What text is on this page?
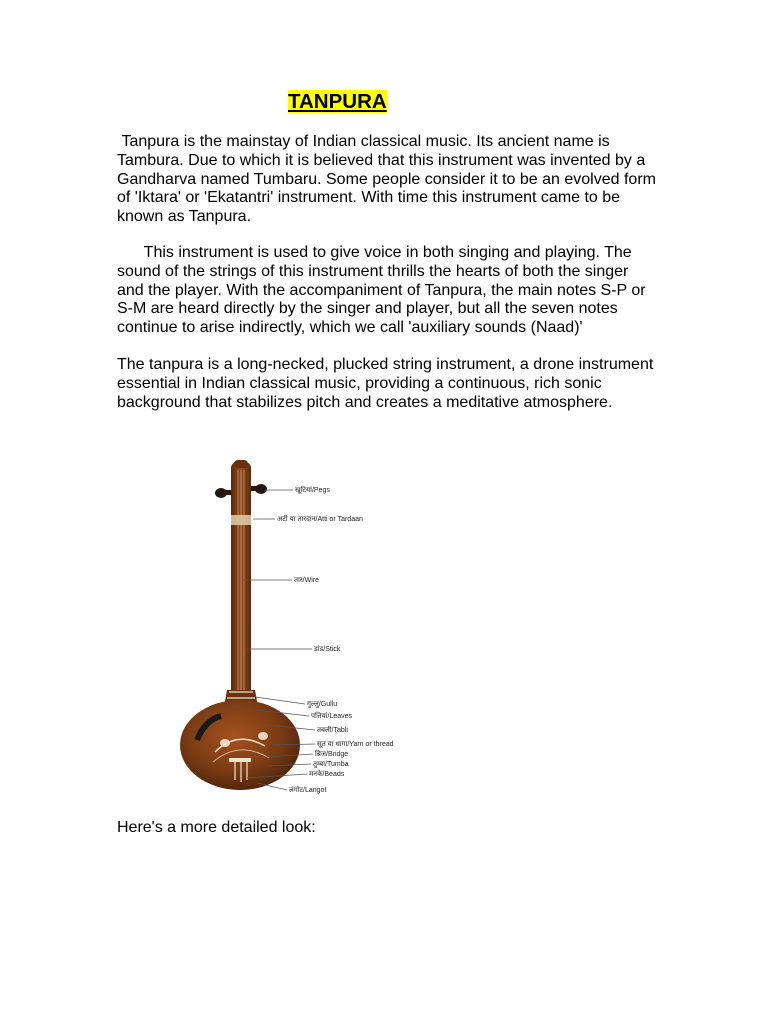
TANPURA

Tanpura is the mainstay of Indian classical music. Its ancient name is Tambura. Due to which it is believed that this instrument was invented by a Gandharva named Tumbaru. Some people consider it to be an evolved form of 'Iktara' or 'Ekatantri' instrument. With time this instrument came to be known as Tanpura.

This instrument is used to give voice in both singing and playing. The sound of the strings of this instrument thrills the hearts of both the singer and the player. With the accompaniment of Tanpura, the main notes S-P or S-M are heard directly by the singer and player, but all the seven notes continue to arise indirectly, which we call 'auxiliary sounds (Naad)'

The tanpura is a long-necked, plucked string instrument, a drone instrument essential in Indian classical music, providing a continuous, rich sonic background that stabilizes pitch and creates a meditative atmosphere.

खूटियां/Pegs
अटी या तारदान/Atti or Tardaan
तार/Wire
डांड/Stick
गुल्लु/Gullu
पत्तियां/Leaves
तबली/Tabli
सूत या धागा/Yarn or thread
ब्रिज/Bridge
तुम्बा/Tumba
मनके/Beads
लंगोट/Langot

Here's a more detailed look:
